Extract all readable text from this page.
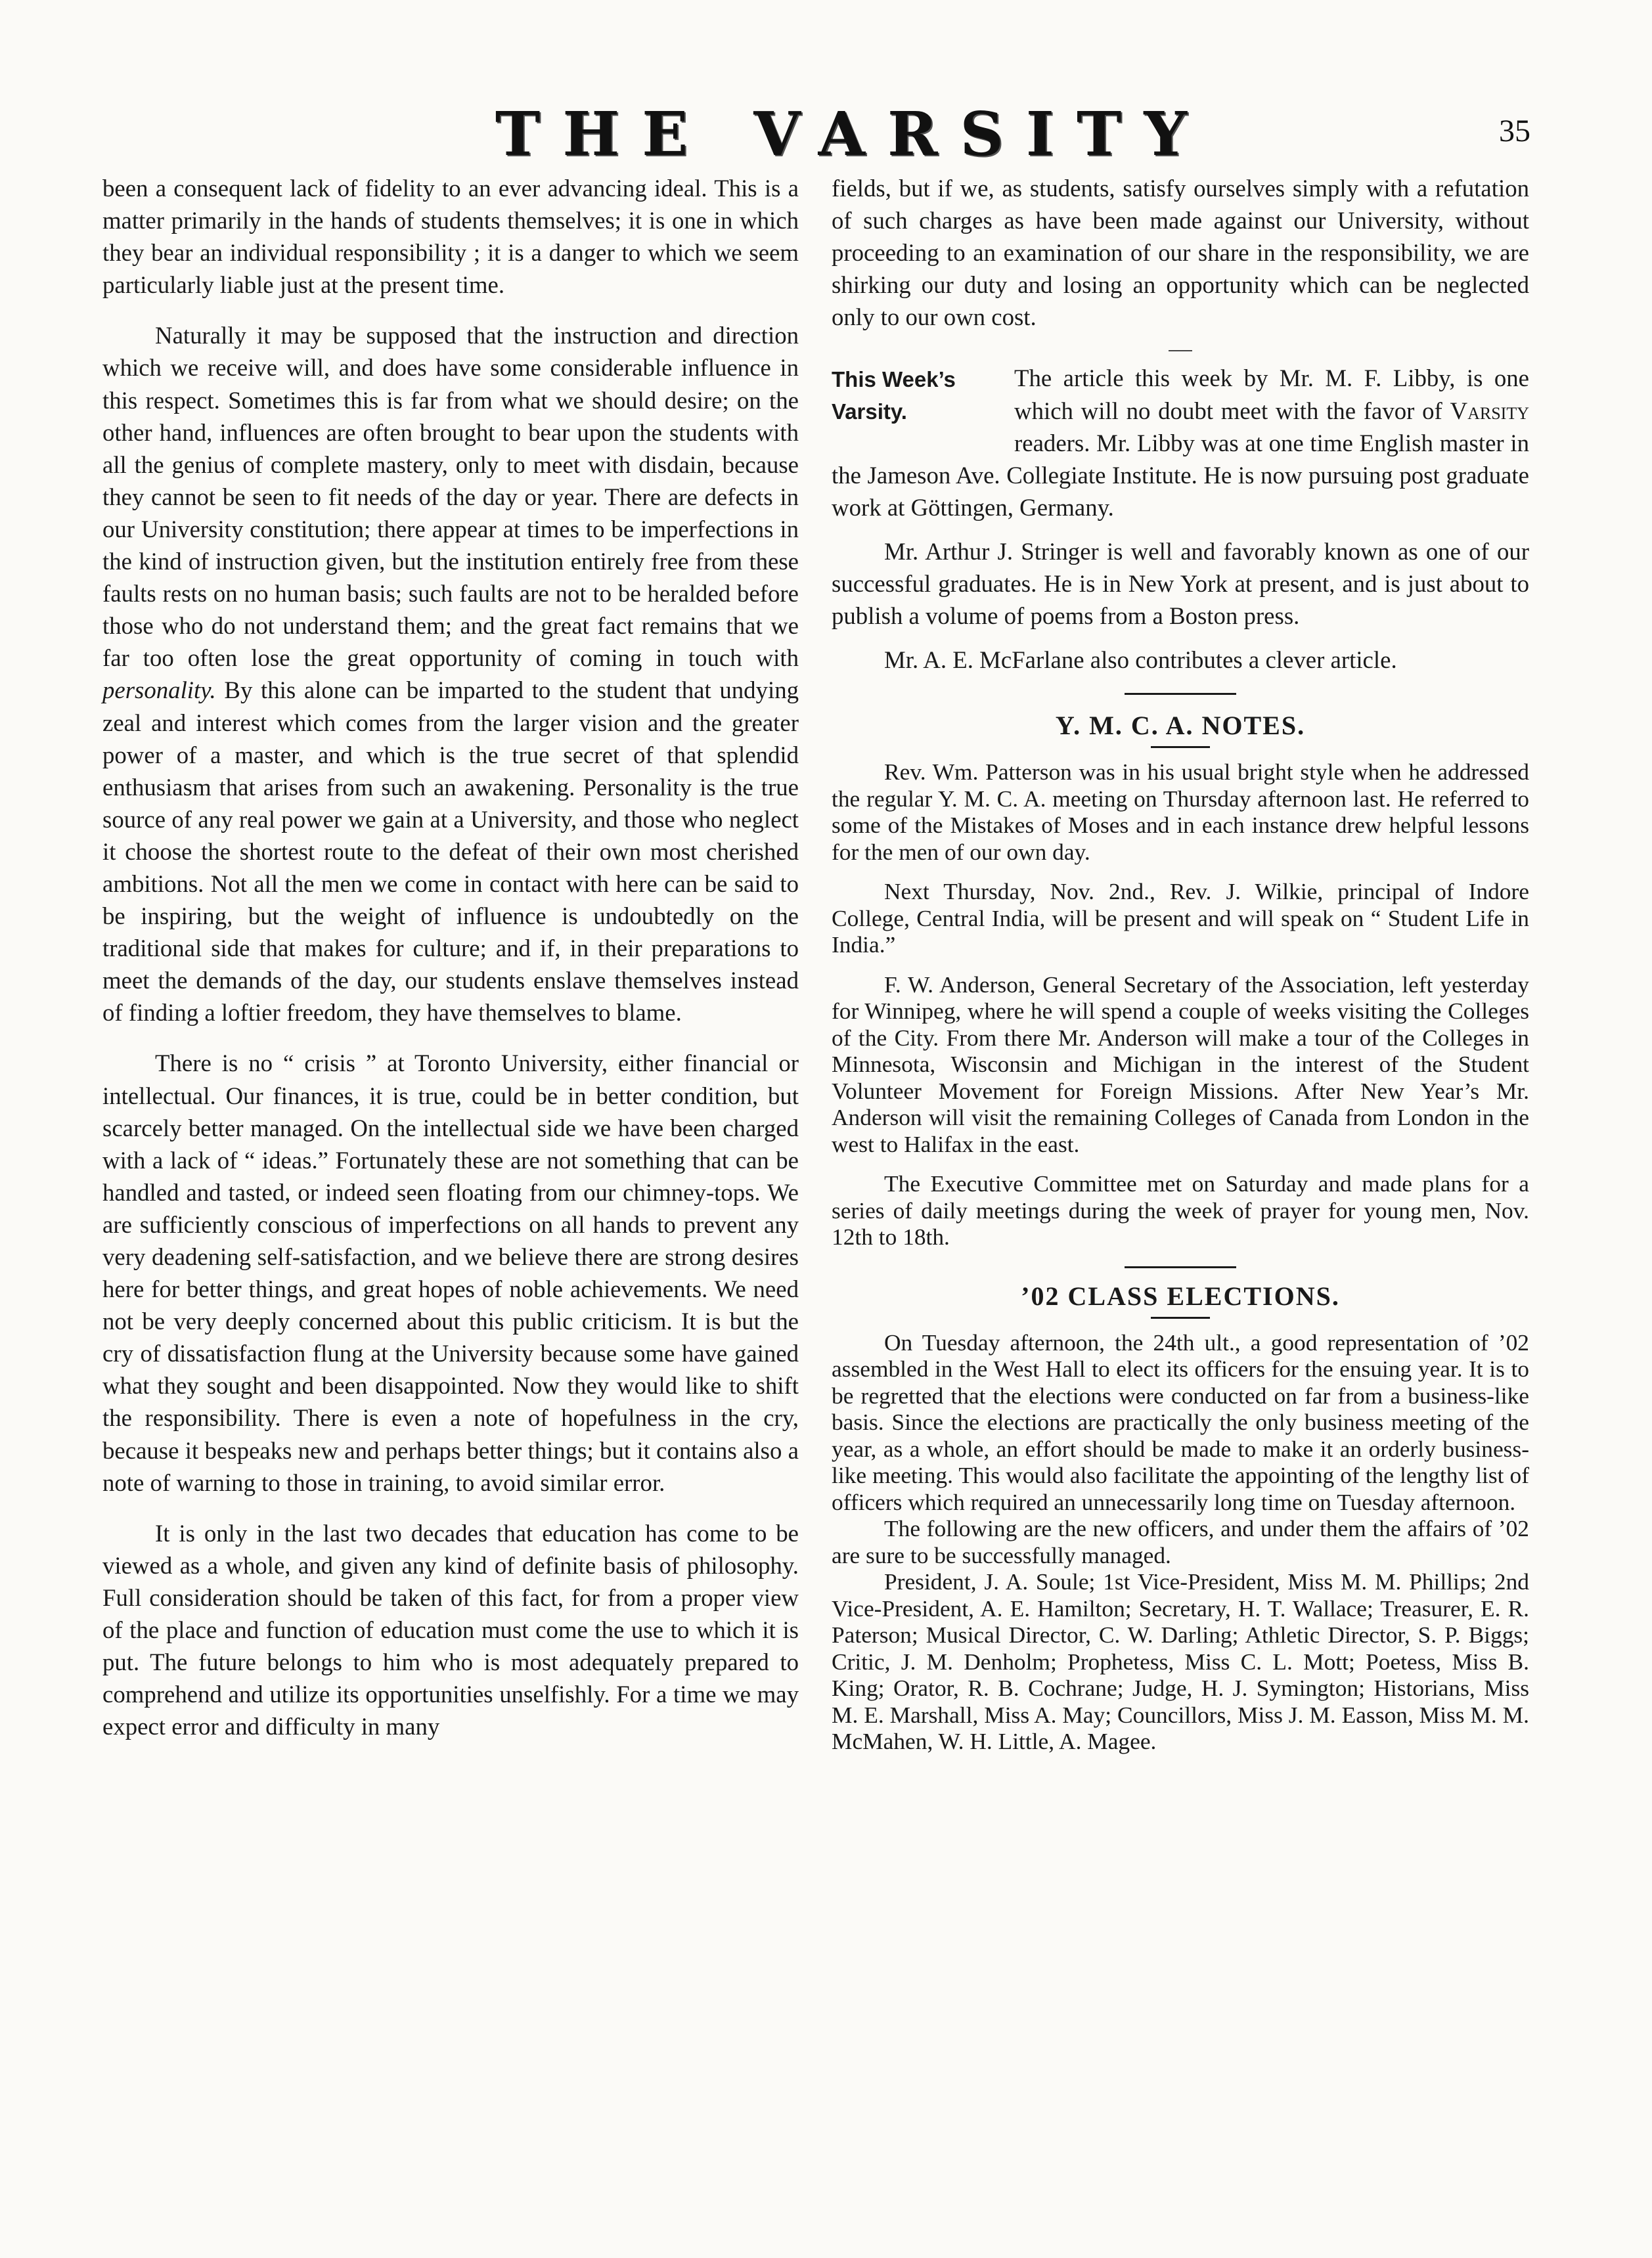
THE VARSITY	35

been a consequent lack of fidelity to an ever advancing ideal. This is a matter primarily in the hands of students themselves; it is one in which they bear an individual responsibility ; it is a danger to which we seem particularly liable just at the present time.

Naturally it may be supposed that the instruction and direction which we receive will, and does have some considerable influence in this respect. Sometimes this is far from what we should desire; on the other hand, influences are often brought to bear upon the students with all the genius of complete mastery, only to meet with disdain, because they cannot be seen to fit needs of the day or year. There are defects in our University constitution; there appear at times to be imperfections in the kind of instruction given, but the institution entirely free from these faults rests on no human basis; such faults are not to be heralded before those who do not understand them; and the great fact remains that we far too often lose the great opportunity of coming in touch with personality. By this alone can be imparted to the student that undying zeal and interest which comes from the larger vision and the greater power of a master, and which is the true secret of that splendid enthusiasm that arises from such an awakening. Personality is the true source of any real power we gain at a University, and those who neglect it choose the shortest route to the defeat of their own most cherished ambitions. Not all the men we come in contact with here can be said to be inspiring, but the weight of influence is undoubtedly on the traditional side that makes for culture; and if, in their preparations to meet the demands of the day, our students enslave themselves instead of finding a loftier freedom, they have themselves to blame.

There is no “ crisis ” at Toronto University, either financial or intellectual. Our finances, it is true, could be in better condition, but scarcely better managed. On the intellectual side we have been charged with a lack of “ ideas.” Fortunately these are not something that can be handled and tasted, or indeed seen floating from our chimney-tops. We are sufficiently conscious of imperfections on all hands to prevent any very deadening self-satisfaction, and we believe there are strong desires here for better things, and great hopes of noble achievements. We need not be very deeply concerned about this public criticism. It is but the cry of dissatisfaction flung at the University because some have gained what they sought and been disappointed. Now they would like to shift the responsibility. There is even a note of hopefulness in the cry, because it bespeaks new and perhaps better things; but it contains also a note of warning to those in training, to avoid similar error.

It is only in the last two decades that education has come to be viewed as a whole, and given any kind of definite basis of philosophy. Full consideration should be taken of this fact, for from a proper view of the place and function of education must come the use to which it is put. The future belongs to him who is most adequately prepared to comprehend and utilize its opportunities unselfishly. For a time we may expect error and difficulty in many

fields, but if we, as students, satisfy ourselves simply with a refutation of such charges as have been made against our University, without proceeding to an examination of our share in the responsibility, we are shirking our duty and losing an opportunity which can be neglected only to our own cost.

This Week’s Varsity.

The article this week by Mr. M. F. Libby, is one which will no doubt meet with the favor of Varsity readers. Mr. Libby was at one time English master in the Jameson Ave. Collegiate Institute. He is now pursuing post graduate work at Göttingen, Germany.

Mr. Arthur J. Stringer is well and favorably known as one of our successful graduates. He is in New York at present, and is just about to publish a volume of poems from a Boston press.

Mr. A. E. McFarlane also contributes a clever article.

Y. M. C. A. NOTES.

Rev. Wm. Patterson was in his usual bright style when he addressed the regular Y. M. C. A. meeting on Thursday afternoon last. He referred to some of the Mistakes of Moses and in each instance drew helpful lessons for the men of our own day.

Next Thursday, Nov. 2nd., Rev. J. Wilkie, principal of Indore College, Central India, will be present and will speak on “ Student Life in India.”

F. W. Anderson, General Secretary of the Association, left yesterday for Winnipeg, where he will spend a couple of weeks visiting the Colleges of the City. From there Mr. Anderson will make a tour of the Colleges in Minnesota, Wisconsin and Michigan in the interest of the Student Volunteer Movement for Foreign Missions. After New Year’s Mr. Anderson will visit the remaining Colleges of Canada from London in the west to Halifax in the east.

The Executive Committee met on Saturday and made plans for a series of daily meetings during the week of prayer for young men, Nov. 12th to 18th.

’02 CLASS ELECTIONS.

On Tuesday afternoon, the 24th ult., a good representation of ’02 assembled in the West Hall to elect its officers for the ensuing year. It is to be regretted that the elections were conducted on far from a business-like basis. Since the elections are practically the only business meeting of the year, as a whole, an effort should be made to make it an orderly business-like meeting. This would also facilitate the appointing of the lengthy list of officers which required an unnecessarily long time on Tuesday afternoon.

The following are the new officers, and under them the affairs of ’02 are sure to be successfully managed.

President, J. A. Soule; 1st Vice-President, Miss M. M. Phillips; 2nd Vice-President, A. E. Hamilton; Secretary, H. T. Wallace; Treasurer, E. R. Paterson; Musical Director, C. W. Darling; Athletic Director, S. P. Biggs; Critic, J. M. Denholm; Prophetess, Miss C. L. Mott; Poetess, Miss B. King; Orator, R. B. Cochrane; Judge, H. J. Symington; Historians, Miss M. E. Marshall, Miss A. May; Councillors, Miss J. M. Easson, Miss M. M. McMahen, W. H. Little, A. Magee.
